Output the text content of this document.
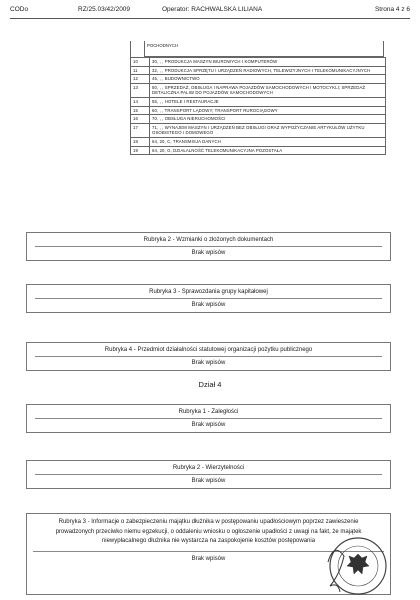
CODo	RZ/25.03/42/2009	Operator: RACHWALSKA LILIANA	Strona 4 z 6
POCHODNYCH
10	30, , , PRODUKCJA MASZYN BIUROWYCH I KOMPUTERÓW
11	32, , , PRODUKCJA SPRZĘTU I URZĄDZEŃ RADIOWYCH, TELEWIZYJNYCH I TELEKOMUNIKACYJNYCH
12	45, , , BUDOWNICTWO
13	50, , , SPRZEDAŻ, OBSŁUGA I NAPRAWA POJAZDÓW SAMOCHODOWYCH I MOTOCYKLI; SPRZEDAŻ DETALICZNA PALIW DO POJAZDÓW SAMOCHODOWYCH
14	55, , , HOTELE I RESTAURACJE
15	60, , , TRANSPORT LĄDOWY; TRANSPORT RUROCIĄGOWY
16	70, , , OBSŁUGA NIERUCHOMOŚCI
17	71, , , WYNAJEM MASZYN I URZĄDZEŃ BEZ OBSŁUGI ORAZ WYPOŻYCZANIE ARTYKUŁÓW UŻYTKU OSOBISTEGO I DOMOWEGO
18	64, 20, C, TRANSMISJA DANYCH
19	64, 20, G, DZIAŁALNOŚĆ TELEKOMUNIKACYJNA POZOSTAŁA
Rubryka 2 - Wzmianki o złożonych dokumentach
Brak wpisów
Rubryka 3 - Sprawozdania grupy kapitałowej
Brak wpisów
Rubryka 4 - Przedmiot działalności statutowej organizacji pożytku publicznego
Brak wpisów
Dział 4
Rubryka 1 - Zaległości
Brak wpisów
Rubryka 2 - Wierzytelności
Brak wpisów
Rubryka 3 - Informacje o zabezpieczeniu majątku dłużnika w postępowaniu upadłościowym poprzez zawieszenie prowadzonych przeciwko niemu egzekucji, o oddaleniu wniosku o ogłoszenie upadłości z uwagi na fakt, że majątek niewypłacalnego dłużnika nie wystarcza na zaspokojenie kosztów postępowania
Brak wpisów
